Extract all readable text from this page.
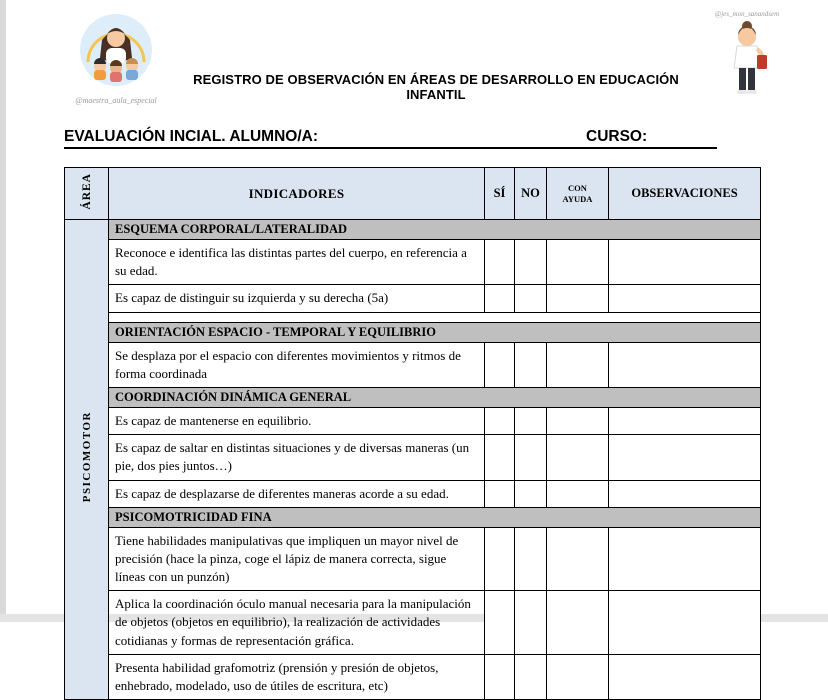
@maestra_aula_especial
REGISTRO DE OBSERVACIÓN EN ÁREAS DE DESARROLLO EN EDUCACIÓN INFANTIL
@jes_mon_sanandsem
EVALUACIÓN INCIAL. ALUMNO/A:	CURSO:
ÁREA	INDICADORES	SÍ	NO	CON AYUDA	OBSERVACIONES
PSICOMOTOR	ESQUEMA CORPORAL/LATERALIDAD				
	Reconoce e identifica las distintas partes del cuerpo, en referencia a su edad.				
	Es capaz de distinguir su izquierda y su derecha (5a)				

	ORIENTACIÓN ESPACIO - TEMPORAL Y EQUILIBRIO				
	Se desplaza por el espacio con diferentes movimientos y ritmos de forma coordinada				
	COORDINACIÓN DINÁMICA GENERAL				
	Es capaz de mantenerse en equilibrio.				
	Es capaz de saltar en distintas situaciones y de diversas maneras (un pie, dos pies juntos…)				
	Es capaz de desplazarse de diferentes maneras acorde a su edad.				
	PSICOMOTRICIDAD FINA				
	Tiene habilidades manipulativas que impliquen un mayor nivel de precisión (hace la pinza, coge el lápiz de manera correcta, sigue líneas con un punzón)				
	Aplica la coordinación óculo manual necesaria para la manipulación de objetos (objetos en equilibrio), la realización de actividades cotidianas y formas de representación gráfica.				
	Presenta habilidad grafomotriz (prensión y presión de objetos, enhebrado, modelado, uso de útiles de escritura, etc)				
